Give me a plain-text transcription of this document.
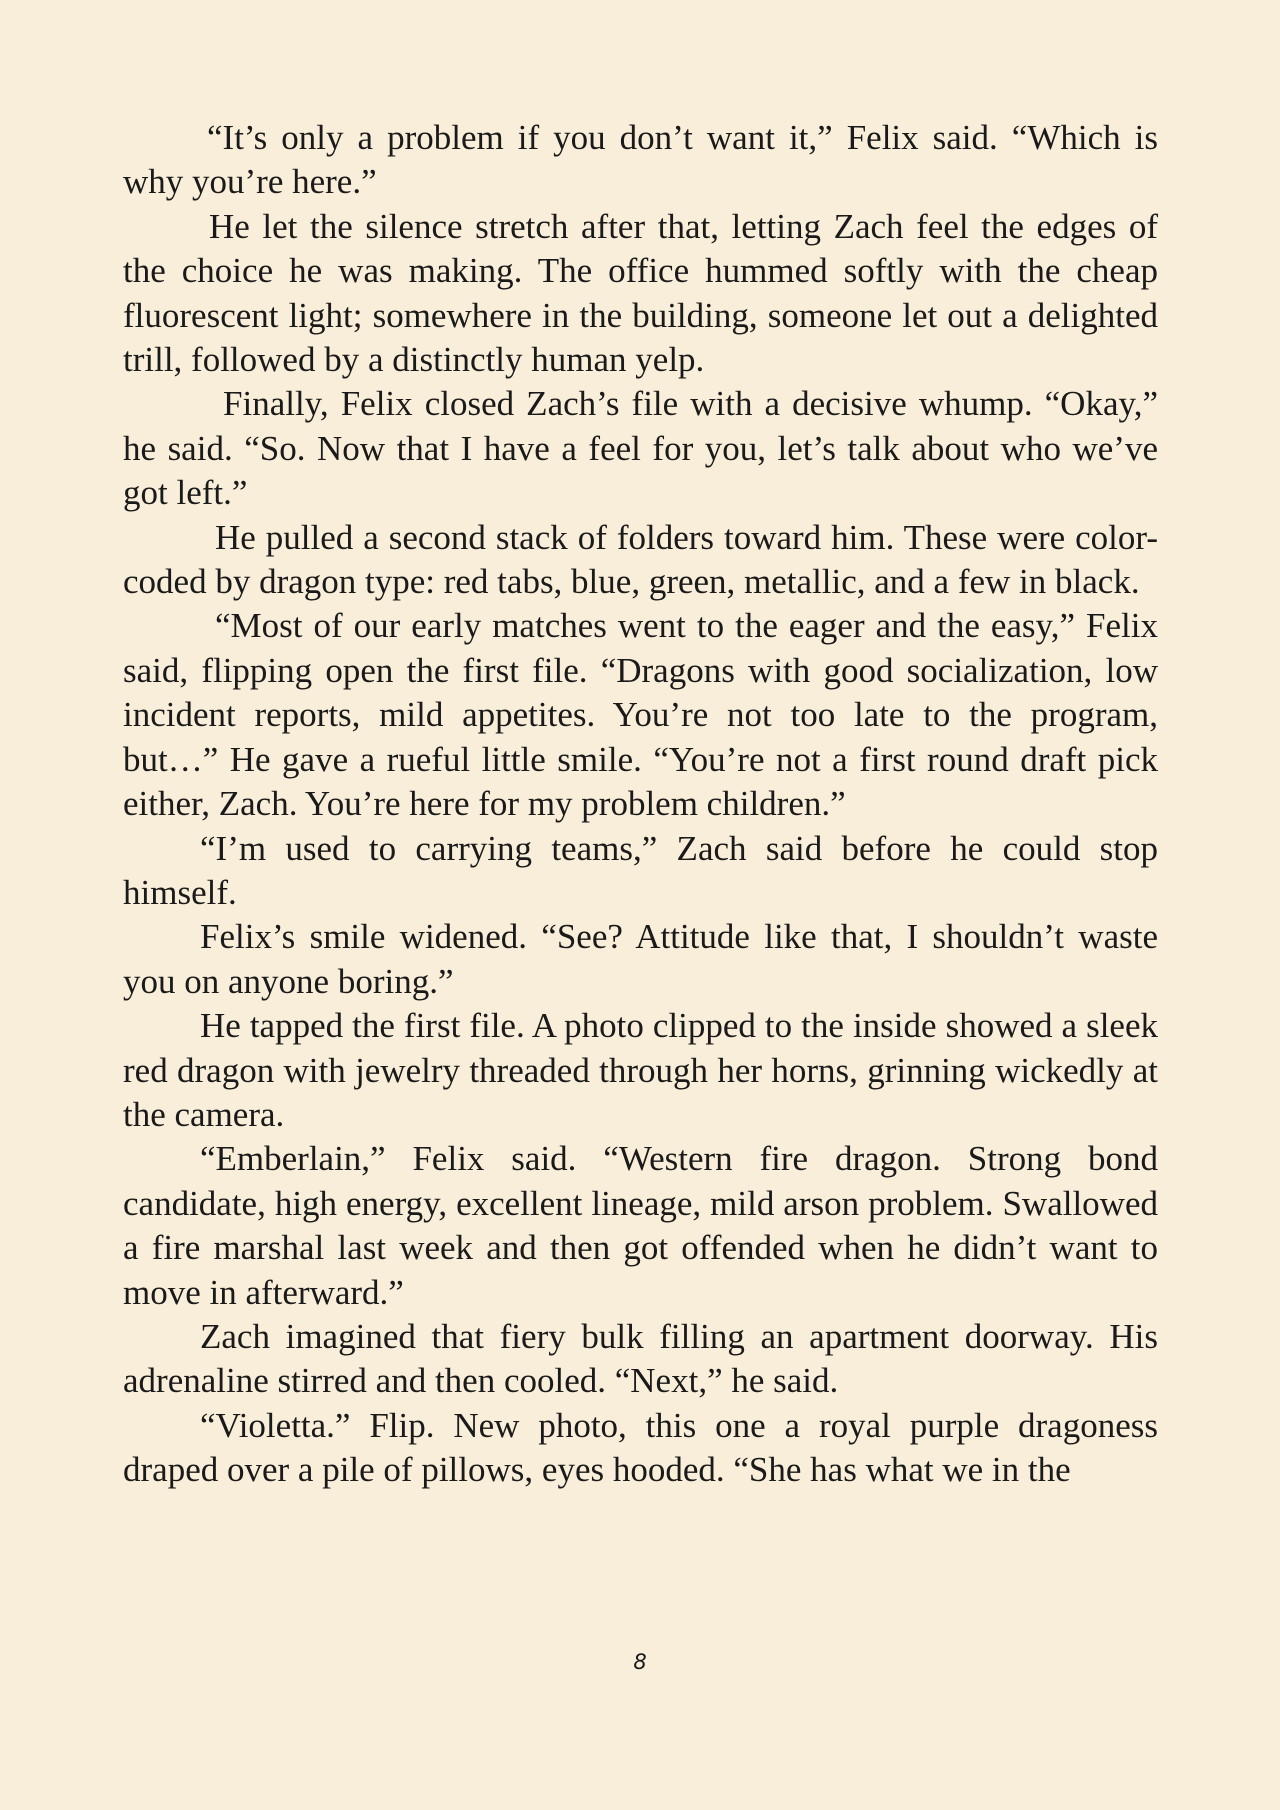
“It’s only a problem if you don’t want it,” Felix said. “Which is why you’re here.”

He let the silence stretch after that, letting Zach feel the edges of the choice he was making. The office hummed softly with the cheap fluorescent light; somewhere in the building, someone let out a delighted trill, followed by a distinctly human yelp.

Finally, Felix closed Zach’s file with a decisive whump. “Okay,” he said. “So. Now that I have a feel for you, let’s talk about who we’ve got left.”

He pulled a second stack of folders toward him. These were color-coded by dragon type: red tabs, blue, green, metallic, and a few in black.

“Most of our early matches went to the eager and the easy,” Felix said, flipping open the first file. “Dragons with good socialization, low incident reports, mild appetites. You’re not too late to the program, but…” He gave a rueful little smile. “You’re not a first round draft pick either, Zach. You’re here for my problem children.”

“I’m used to carrying teams,” Zach said before he could stop himself.

Felix’s smile widened. “See? Attitude like that, I shouldn’t waste you on anyone boring.”

He tapped the first file. A photo clipped to the inside showed a sleek red dragon with jewelry threaded through her horns, grinning wickedly at the camera.

“Emberlain,” Felix said. “Western fire dragon. Strong bond candidate, high energy, excellent lineage, mild arson problem. Swallowed a fire marshal last week and then got offended when he didn’t want to move in afterward.”

Zach imagined that fiery bulk filling an apartment doorway. His adrenaline stirred and then cooled. “Next,” he said.

“Violetta.” Flip. New photo, this one a royal purple dragoness draped over a pile of pillows, eyes hooded. “She has what we in the

8
